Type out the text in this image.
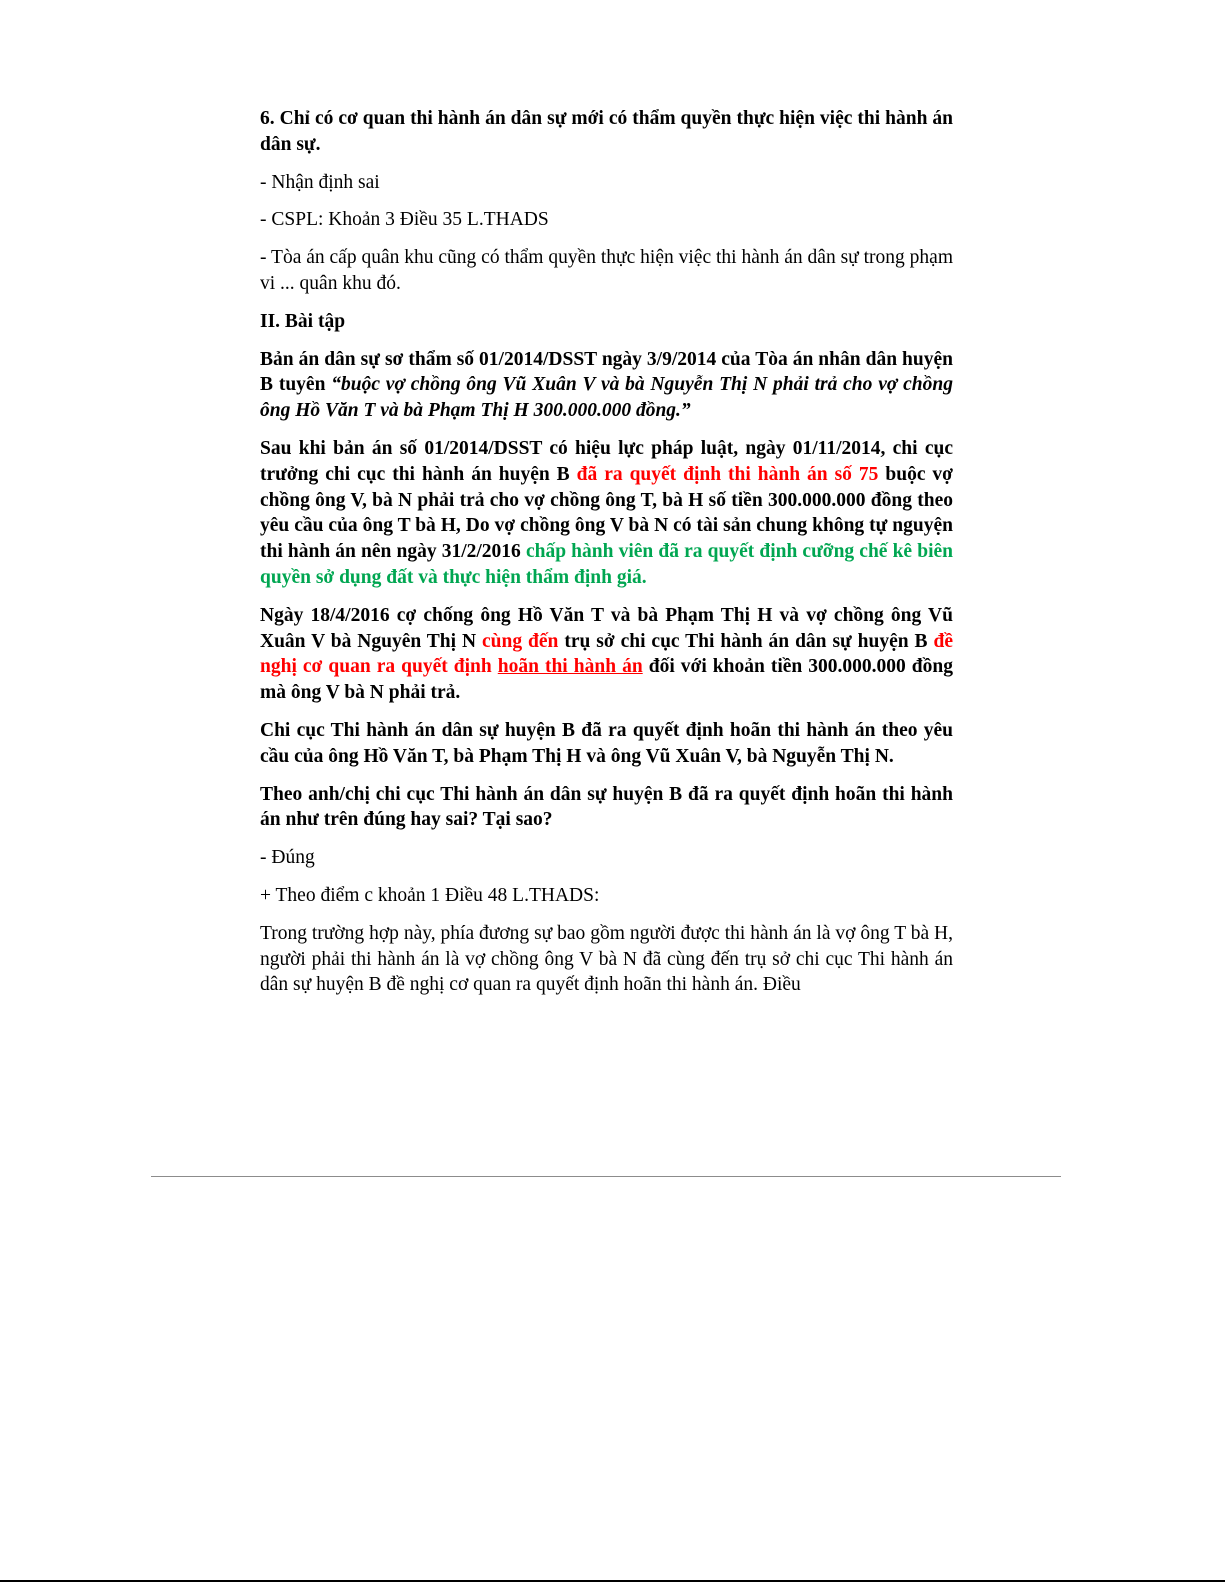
6. Chỉ có cơ quan thi hành án dân sự mới có thẩm quyền thực hiện việc thi hành án dân sự.

- Nhận định sai

- CSPL: Khoản 3 Điều 35 L.THADS

- Tòa án cấp quân khu cũng có thẩm quyền thực hiện việc thi hành án dân sự trong phạm vi ... quân khu đó.

II. Bài tập

Bản án dân sự sơ thẩm số 01/2014/DSST ngày 3/9/2014 của Tòa án nhân dân huyện B tuyên “buộc vợ chồng ông Vũ Xuân V và bà Nguyễn Thị N phải trả cho vợ chồng ông Hồ Văn T và bà Phạm Thị H 300.000.000 đồng.”

Sau khi bản án số 01/2014/DSST có hiệu lực pháp luật, ngày 01/11/2014, chi cục trưởng chi cục thi hành án huyện B đã ra quyết định thi hành án số 75 buộc vợ chồng ông V, bà N phải trả cho vợ chồng ông T, bà H số tiền 300.000.000 đồng theo yêu cầu của ông T bà H, Do vợ chồng ông V bà N có tài sản chung không tự nguyện thi hành án nên ngày 31/2/2016 chấp hành viên đã ra quyết định cưỡng chế kê biên quyền sở dụng đất và thực hiện thẩm định giá.

Ngày 18/4/2016 cợ chống ông Hồ Văn T và bà Phạm Thị H và vợ chồng ông Vũ Xuân V bà Nguyên Thị N cùng đến trụ sở chi cục Thi hành án dân sự huyện B đề nghị cơ quan ra quyết định hoãn thi hành án đối với khoản tiền 300.000.000 đồng mà ông V bà N phải trả.

Chi cục Thi hành án dân sự huyện B đã ra quyết định hoãn thi hành án theo yêu cầu của ông Hồ Văn T, bà Phạm Thị H và ông Vũ Xuân V, bà Nguyễn Thị N.

Theo anh/chị chi cục Thi hành án dân sự huyện B đã ra quyết định hoãn thi hành án như trên đúng hay sai? Tại sao?

- Đúng

+ Theo điểm c khoản 1 Điều 48 L.THADS:

Trong trường hợp này, phía đương sự bao gồm người được thi hành án là vợ ông T bà H, người phải thi hành án là vợ chồng ông V bà N đã cùng đến trụ sở chi cục Thi hành án dân sự huyện B đề nghị cơ quan ra quyết định hoãn thi hành án. Điều
